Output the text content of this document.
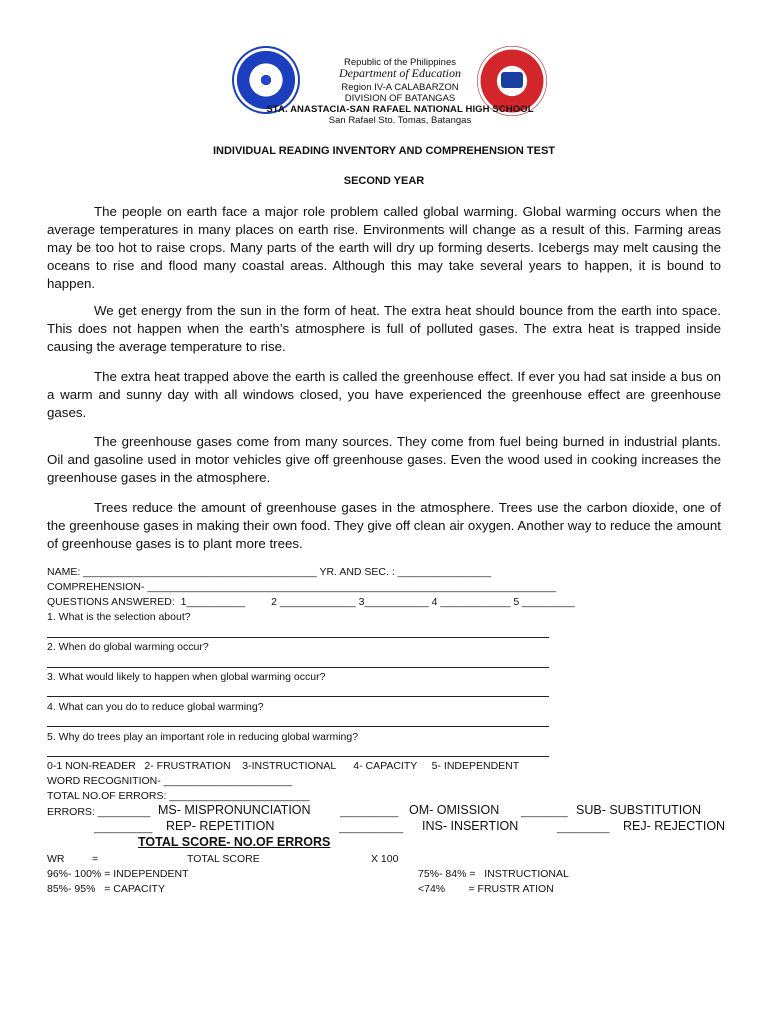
Republic of the Philippines
Department of Education
Region IV-A CALABARZON
DIVISION OF BATANGAS
STA. ANASTACIA-SAN RAFAEL NATIONAL HIGH SCHOOL
San Rafael Sto. Tomas, Batangas
INDIVIDUAL READING INVENTORY AND COMPREHENSION TEST
SECOND YEAR

The people on earth face a major role problem called global warming. Global warming occurs when the average temperatures in many places on earth rise. Environments will change as a result of this. Farming areas may be too hot to raise crops. Many parts of the earth will dry up forming deserts. Icebergs may melt causing the oceans to rise and flood many coastal areas. Although this may take several years to happen, it is bound to happen.

We get energy from the sun in the form of heat. The extra heat should bounce from the earth into space. This does not happen when the earth’s atmosphere is full of polluted gases. The extra heat is trapped inside causing the average temperature to rise.

The extra heat trapped above the earth is called the greenhouse effect. If ever you had sat inside a bus on a warm and sunny day with all windows closed, you have experienced the greenhouse effect are greenhouse gases.

The greenhouse gases come from many sources. They come from fuel being burned in industrial plants. Oil and gasoline used in motor vehicles give off greenhouse gases. Even the wood used in cooking increases the greenhouse gases in the atmosphere.

Trees reduce the amount of greenhouse gases in the atmosphere. Trees use the carbon dioxide, one of the greenhouse gases in making their own food. They give off clean air oxygen. Another way to reduce the amount of greenhouse gases is to plant more trees.

NAME: ________________________________________ YR. AND SEC. : ________________
COMPREHENSION- ______________________________________________________________________
QUESTIONS ANSWERED:  1__________         2 _____________ 3___________ 4 ____________ 5 _________
1. What is the selection about?
2. When do global warming occur?
3. What would likely to happen when global warming occur?
4. What can you do to reduce global warming?
5. Why do trees play an important role in reducing global warming?
0-1 NON-READER   2- FRUSTRATION    3-INSTRUCTIONAL      4- CAPACITY     5- INDEPENDENT
WORD RECOGNITION- ______________________
TOTAL NO.OF ERRORS: ________________________
ERRORS: _________ MS- MISPRONUNCIATION	__________ OM- OMISSION ________ SUB- SUBSTITUTION
__________ REP- REPETITION	___________ INS- INSERTION	_________ REJ- REJECTION
TOTAL SCORE- NO.OF ERRORS
WR	=	TOTAL SCORE	X 100
96%- 100% = INDEPENDENT	75%- 84% =   INSTRUCTIONAL
85%- 95%   = CAPACITY	<74%        = FRUSTR ATION
